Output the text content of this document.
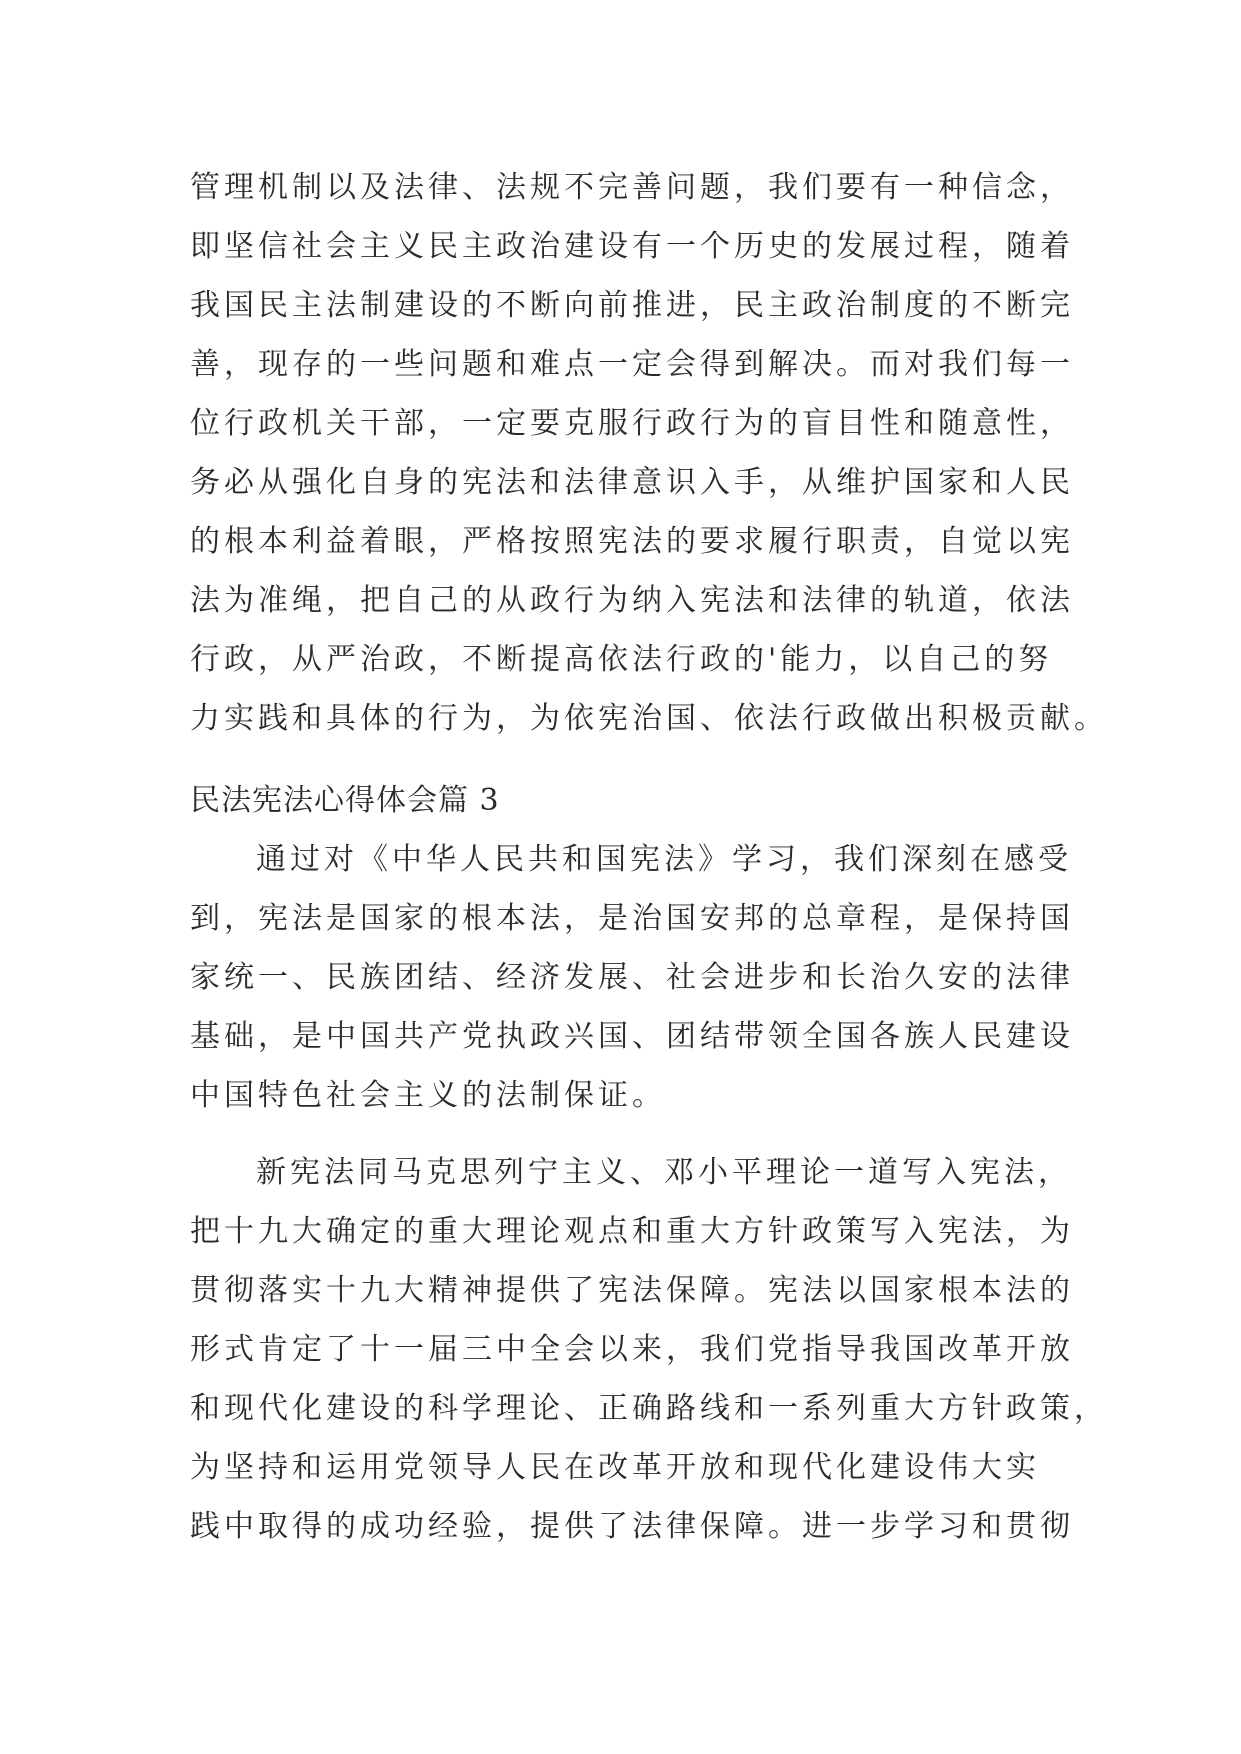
管理机制以及法律、法规不完善问题，我们要有一种信念，
即坚信社会主义民主政治建设有一个历史的发展过程，随着
我国民主法制建设的不断向前推进，民主政治制度的不断完
善，现存的一些问题和难点一定会得到解决。而对我们每一
位行政机关干部，一定要克服行政行为的盲目性和随意性，
务必从强化自身的宪法和法律意识入手，从维护国家和人民
的根本利益着眼，严格按照宪法的要求履行职责，自觉以宪
法为准绳，把自己的从政行为纳入宪法和法律的轨道，依法
行政，从严治政，不断提高依法行政的'能力，以自己的努
力实践和具体的行为，为依宪治国、依法行政做出积极贡献。
民法宪法心得体会篇 3
通过对《中华人民共和国宪法》学习，我们深刻在感受
到，宪法是国家的根本法，是治国安邦的总章程，是保持国
家统一、民族团结、经济发展、社会进步和长治久安的法律
基础，是中国共产党执政兴国、团结带领全国各族人民建设
中国特色社会主义的法制保证。
新宪法同马克思列宁主义、邓小平理论一道写入宪法，
把十九大确定的重大理论观点和重大方针政策写入宪法，为
贯彻落实十九大精神提供了宪法保障。宪法以国家根本法的
形式肯定了十一届三中全会以来，我们党指导我国改革开放
和现代化建设的科学理论、正确路线和一系列重大方针政策，
为坚持和运用党领导人民在改革开放和现代化建设伟大实
践中取得的成功经验，提供了法律保障。进一步学习和贯彻
